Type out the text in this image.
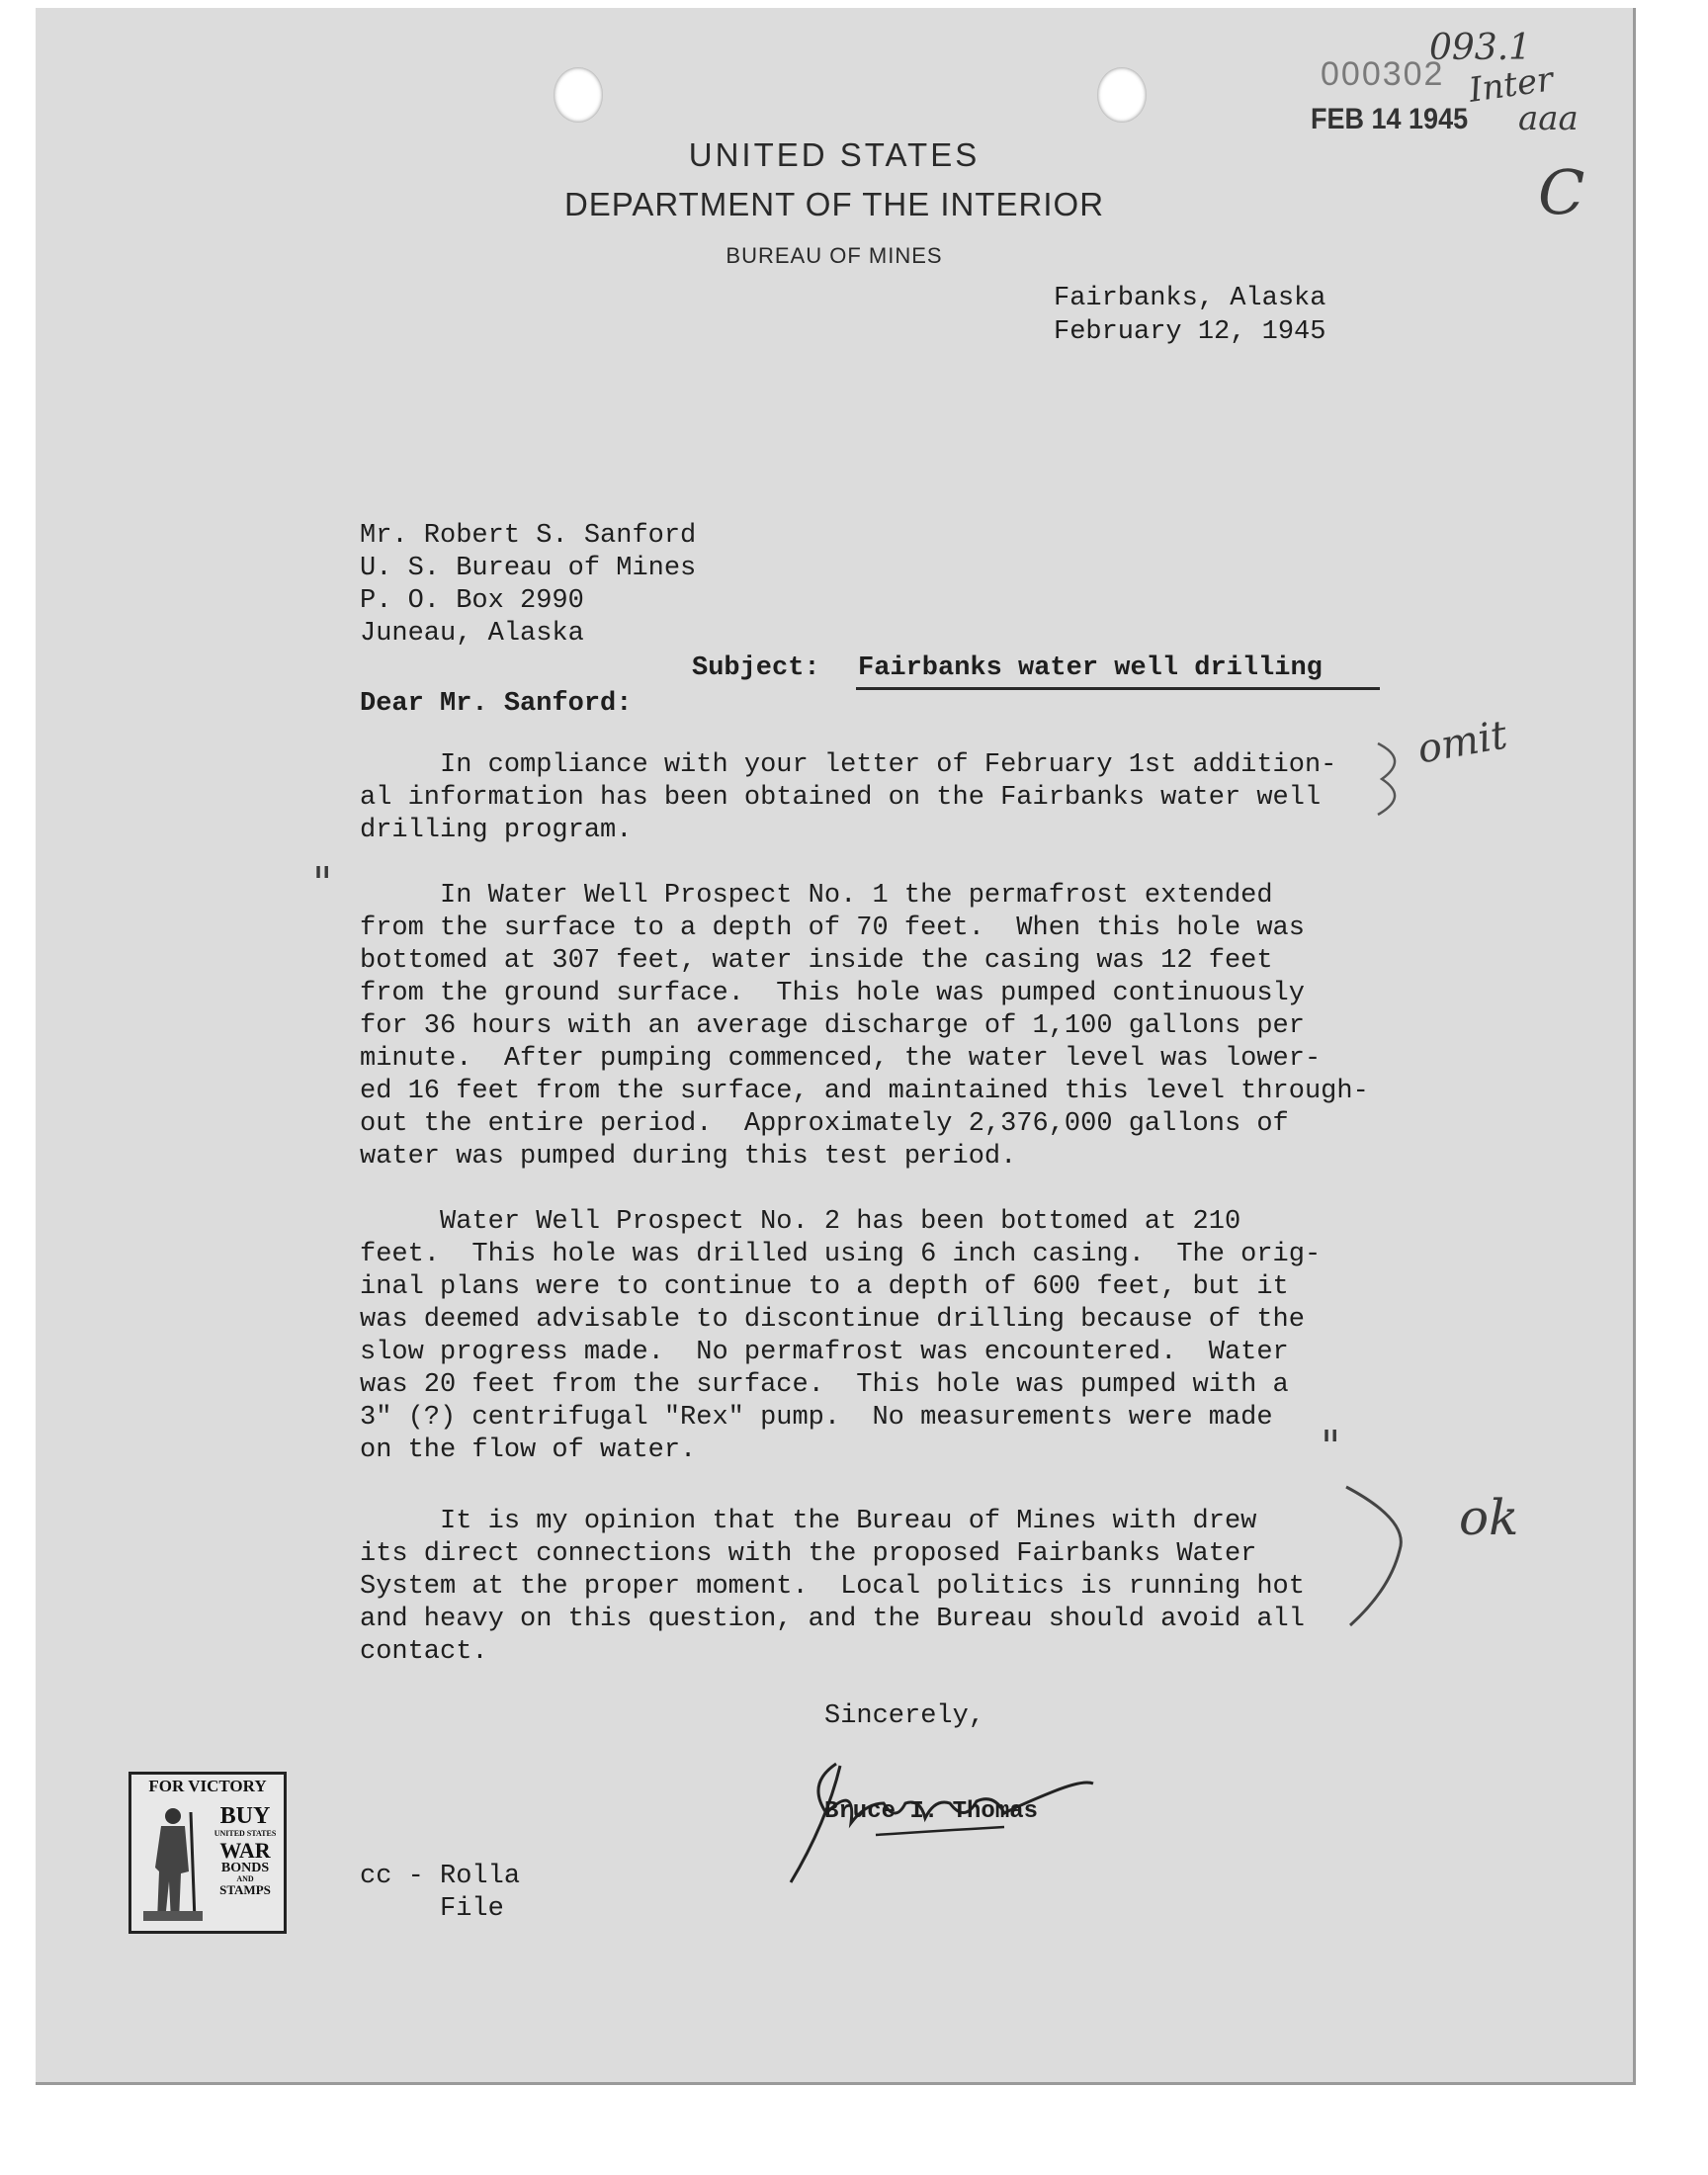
UNITED STATES
DEPARTMENT OF THE INTERIOR
BUREAU OF MINES
000302
FEB 14 1945
093.1
Inter
aaa
C
Fairbanks, Alaska
February 12, 1945
Mr. Robert S. Sanford
U. S. Bureau of Mines
P. O. Box 2990
Juneau, Alaska
Subject: Fairbanks water well drilling
Dear Mr. Sanford:
In compliance with your letter of February 1st addition-
al information has been obtained on the Fairbanks water well
drilling program.
In Water Well Prospect No. 1 the permafrost extended
from the surface to a depth of 70 feet.  When this hole was
bottomed at 307 feet, water inside the casing was 12 feet
from the ground surface.  This hole was pumped continuously
for 36 hours with an average discharge of 1,100 gallons per
minute.  After pumping commenced, the water level was lower-
ed 16 feet from the surface, and maintained this level through-
out the entire period.  Approximately 2,376,000 gallons of
water was pumped during this test period.
Water Well Prospect No. 2 has been bottomed at 210
feet.  This hole was drilled using 6 inch casing.  The orig-
inal plans were to continue to a depth of 600 feet, but it
was deemed advisable to discontinue drilling because of the
slow progress made.  No permafrost was encountered.  Water
was 20 feet from the surface.  This hole was pumped with a
3" (?) centrifugal "Rex" pump.  No measurements were made
on the flow of water.
It is my opinion that the Bureau of Mines with drew
its direct connections with the proposed Fairbanks Water
System at the proper moment.  Local politics is running hot
and heavy on this question, and the Bureau should avoid all
contact.
omit
"
"
ok
Sincerely,
Bruce I. Thomas
cc - Rolla
File
FOR VICTORY
BUY
UNITED STATES
WAR
BONDS
AND
STAMPS
